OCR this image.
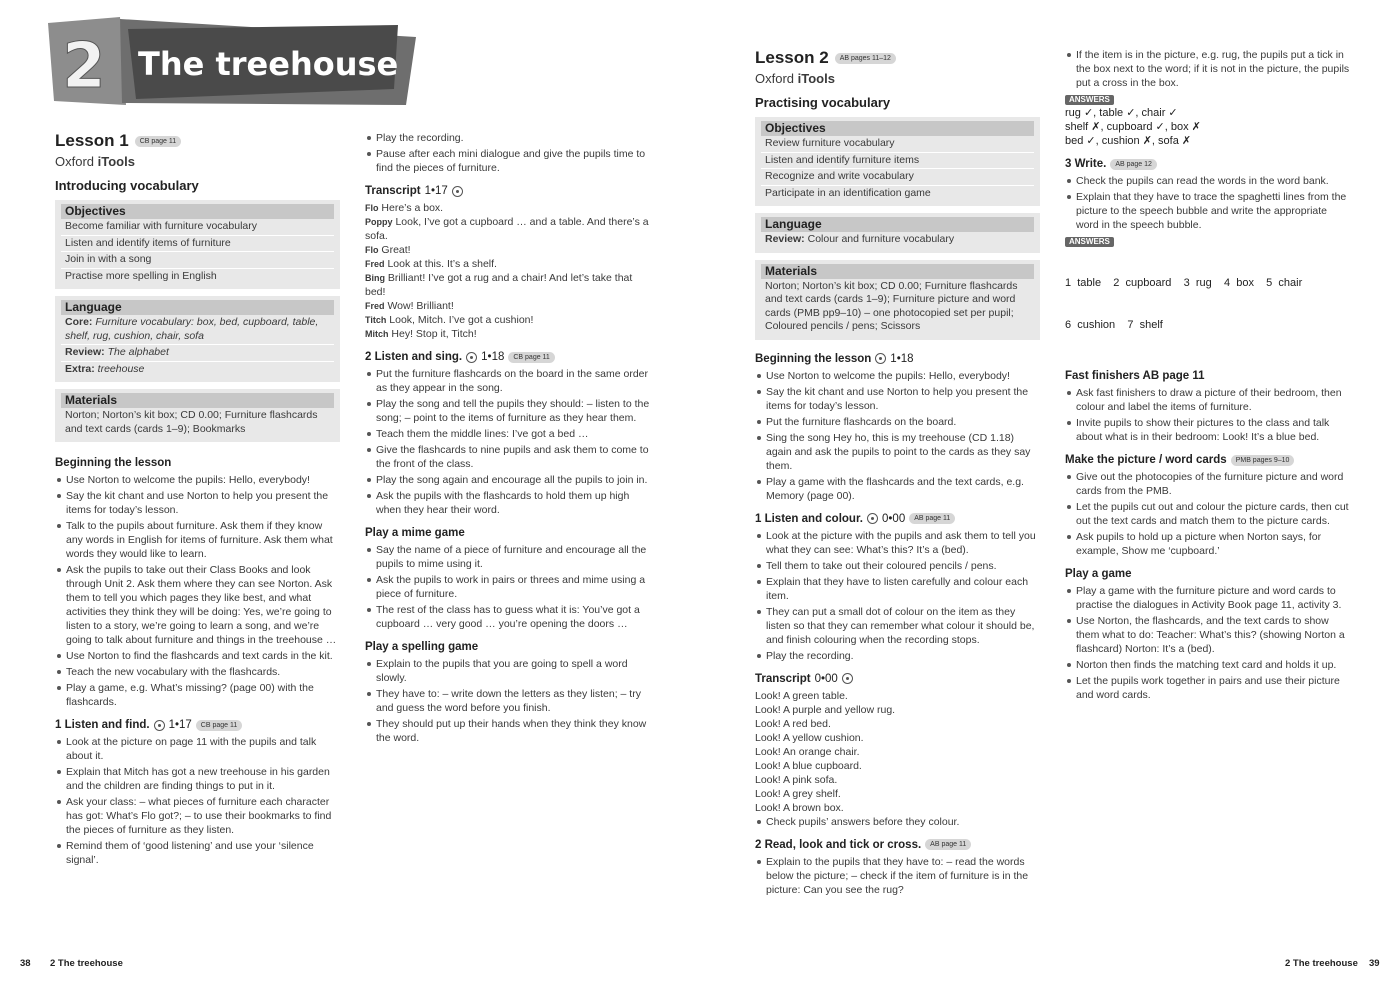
2 The treehouse
Lesson 1	CB page 11
Oxford iTools
Introducing vocabulary
Objectives
Become familiar with furniture vocabulary
Listen and identify items of furniture
Join in with a song
Practise more spelling in English
Language
Core: Furniture vocabulary: box, bed, cupboard, table, shelf, rug, cushion, chair, sofa
Review: The alphabet
Extra: treehouse
Materials
Norton; Norton’s kit box; CD 0.00; Furniture flashcards and text cards (cards 1–9); Bookmarks
Beginning the lesson
Use Norton to welcome the pupils: Hello, everybody!
Say the kit chant and use Norton to help you present the items for today’s lesson.
Talk to the pupils about furniture. Ask them if they know any words in English for items of furniture. Ask them what words they would like to learn.
Ask the pupils to take out their Class Books and look through Unit 2. Ask them where they can see Norton. Ask them to tell you which pages they like best, and what activities they think they will be doing: Yes, we’re going to listen to a story, we’re going to learn a song, and we’re going to talk about furniture and things in the treehouse …
Use Norton to find the flashcards and text cards in the kit.
Teach the new vocabulary with the flashcards.
Play a game, e.g. What’s missing? (page 00) with the flashcards.
1 Listen and find. 1•17	CB page 11
Look at the picture on page 11 with the pupils and talk about it.
Explain that Mitch has got a new treehouse in his garden and the children are finding things to put in it.
Ask your class: – what pieces of furniture each character has got: What’s Flo got?; – to use their bookmarks to find the pieces of furniture as they listen.
Remind them of ‘good listening’ and use your ‘silence signal’.
Play the recording.
Pause after each mini dialogue and give the pupils time to find the pieces of furniture.
Transcript 1•17
Flo Here’s a box.
Poppy Look, I’ve got a cupboard … and a table. And there’s a sofa.
Flo Great!
Fred Look at this. It’s a shelf.
Bing Brilliant! I’ve got a rug and a chair! And let’s take that bed!
Fred Wow! Brilliant!
Titch Look, Mitch. I’ve got a cushion!
Mitch Hey! Stop it, Titch!
2 Listen and sing. 1•18	CB page 11
Put the furniture flashcards on the board in the same order as they appear in the song.
Play the song and tell the pupils they should: – listen to the song; – point to the items of furniture as they hear them.
Teach them the middle lines: I’ve got a bed …
Give the flashcards to nine pupils and ask them to come to the front of the class.
Play the song again and encourage all the pupils to join in.
Ask the pupils with the flashcards to hold them up high when they hear their word.
Play a mime game
Say the name of a piece of furniture and encourage all the pupils to mime using it.
Ask the pupils to work in pairs or threes and mime using a piece of furniture.
The rest of the class has to guess what it is: You’ve got a cupboard … very good … you’re opening the doors …
Play a spelling game
Explain to the pupils that you are going to spell a word slowly.
They have to: – write down the letters as they listen; – try and guess the word before you finish.
They should put up their hands when they think they know the word.
Lesson 2	AB pages 11–12
Oxford iTools
Practising vocabulary
Objectives
Review furniture vocabulary
Listen and identify furniture items
Recognize and write vocabulary
Participate in an identification game
Language
Review: Colour and furniture vocabulary
Materials
Norton; Norton’s kit box; CD 0.00; Furniture flashcards and text cards (cards 1–9); Furniture picture and word cards (PMB pp9–10) – one photocopied set per pupil; Coloured pencils / pens; Scissors
Beginning the lesson 1•18
Use Norton to welcome the pupils: Hello, everybody!
Say the kit chant and use Norton to help you present the items for today’s lesson.
Put the furniture flashcards on the board.
Sing the song Hey ho, this is my treehouse (CD 1.18) again and ask the pupils to point to the cards as they say them.
Play a game with the flashcards and the text cards, e.g. Memory (page 00).
1 Listen and colour. 0•00	AB page 11
Look at the picture with the pupils and ask them to tell you what they can see: What’s this? It’s a (bed).
Tell them to take out their coloured pencils / pens.
Explain that they have to listen carefully and colour each item.
They can put a small dot of colour on the item as they listen so that they can remember what colour it should be, and finish colouring when the recording stops.
Play the recording.
Transcript 0•00
Look! A green table.
Look! A purple and yellow rug.
Look! A red bed.
Look! A yellow cushion.
Look! An orange chair.
Look! A blue cupboard.
Look! A pink sofa.
Look! A grey shelf.
Look! A brown box.
Check pupils’ answers before they colour.
2 Read, look and tick or cross.	AB page 11
Explain to the pupils that they have to: – read the words below the picture; – check if the item of furniture is in the picture: Can you see the rug?
If the item is in the picture, e.g. rug, the pupils put a tick in the box next to the word; if it is not in the picture, the pupils put a cross in the box.
ANSWERS
rug ✓, table ✓, chair ✓
shelf ✗, cupboard ✓, box ✗
bed ✓, cushion ✗, sofa ✗
3 Write.	AB page 12
Check the pupils can read the words in the word bank.
Explain that they have to trace the spaghetti lines from the picture to the speech bubble and write the appropriate word in the speech bubble.
ANSWERS

1  table    2  cupboard    3  rug    4  box    5  chair

6  cushion    7  shelf

Fast finishers AB page 11
Ask fast finishers to draw a picture of their bedroom, then colour and label the items of furniture.
Invite pupils to show their pictures to the class and talk about what is in their bedroom: Look! It’s a blue bed.
Make the picture / word cards	PMB pages 9–10
Give out the photocopies of the furniture picture and word cards from the PMB.
Let the pupils cut out and colour the picture cards, then cut out the text cards and match them to the picture cards.
Ask pupils to hold up a picture when Norton says, for example, Show me ‘cupboard.’
Play a game
Play a game with the furniture picture and word cards to practise the dialogues in Activity Book page 11, activity 3.
Use Norton, the flashcards, and the text cards to show them what to do: Teacher: What’s this? (showing Norton a flashcard) Norton: It’s a (bed).
Norton then finds the matching text card and holds it up.
Let the pupils work together in pairs and use their picture and word cards.
38 2 The treehouse	2 The treehouse 39
